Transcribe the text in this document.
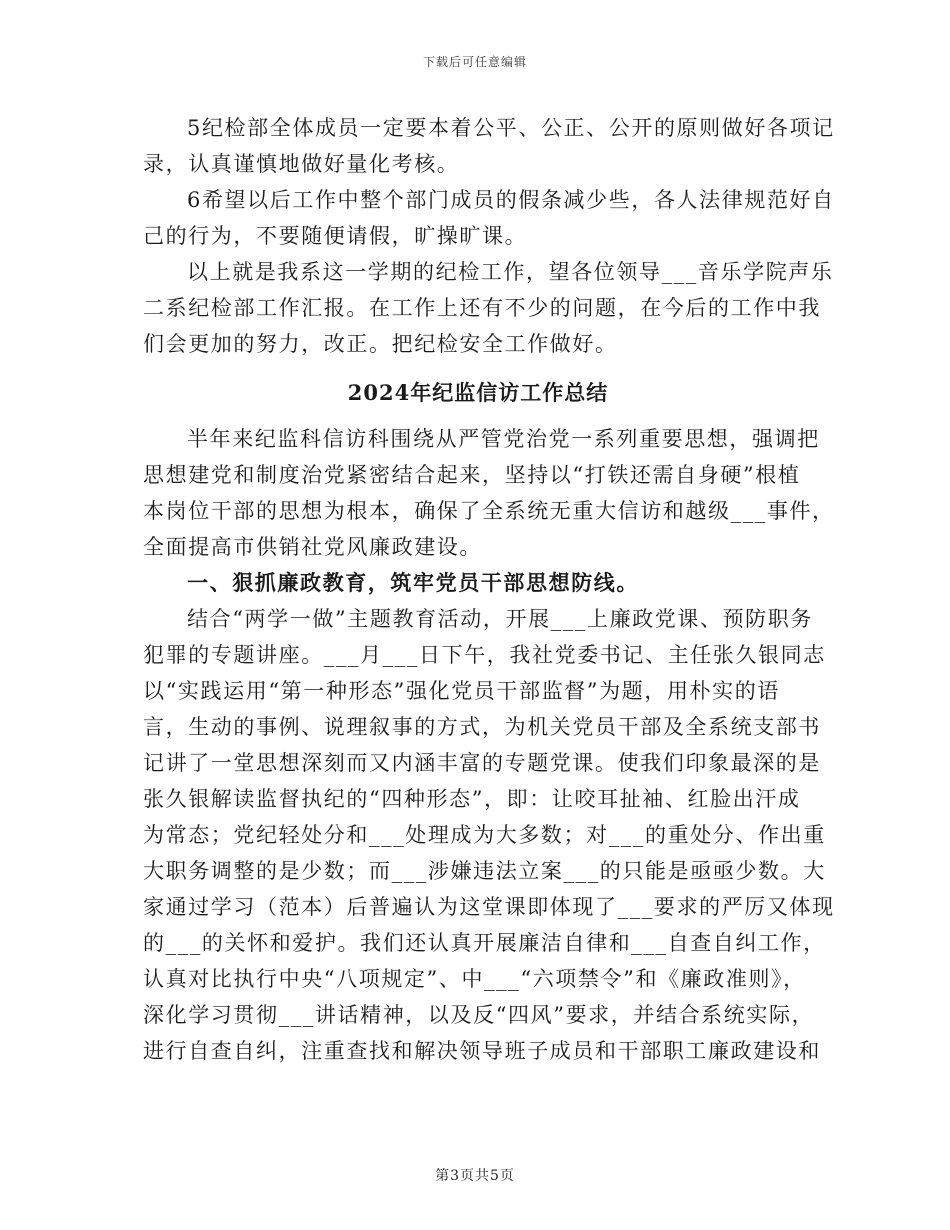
下载后可任意编辑
5纪检部全体成员一定要本着公平、公正、公开的原则做好各项记
录，认真谨慎地做好量化考核。
6希望以后工作中整个部门成员的假条减少些，各人法律规范好自
己的行为，不要随便请假，旷操旷课。
以上就是我系这一学期的纪检工作，望各位领导___音乐学院声乐
二系纪检部工作汇报。在工作上还有不少的问题，在今后的工作中我
们会更加的努力，改正。把纪检安全工作做好。
2024年纪监信访工作总结
半年来纪监科信访科围绕从严管党治党一系列重要思想，强调把
思想建党和制度治党紧密结合起来，坚持以“打铁还需自身硬”根植
本岗位干部的思想为根本，确保了全系统无重大信访和越级___事件，
全面提高市供销社党风廉政建设。
一、狠抓廉政教育，筑牢党员干部思想防线。
结合“两学一做”主题教育活动，开展___上廉政党课、预防职务
犯罪的专题讲座。___月___日下午，我社党委书记、主任张久银同志
以“实践运用“第一种形态”强化党员干部监督”为题，用朴实的语
言，生动的事例、说理叙事的方式，为机关党员干部及全系统支部书
记讲了一堂思想深刻而又内涵丰富的专题党课。使我们印象最深的是
张久银解读监督执纪的“四种形态”，即：让咬耳扯袖、红脸出汗成
为常态；党纪轻处分和___处理成为大多数；对___的重处分、作出重
大职务调整的是少数；而___涉嫌违法立案___的只能是亟亟少数。大
家通过学习（范本）后普遍认为这堂课即体现了___要求的严厉又体现
的___的关怀和爱护。我们还认真开展廉洁自律和___自查自纠工作，
认真对比执行中央“八项规定”、中___“六项禁令”和《廉政准则》，
深化学习贯彻___讲话精神，以及反“四风”要求，并结合系统实际，
进行自查自纠，注重查找和解决领导班子成员和干部职工廉政建设和
第3页共5页
